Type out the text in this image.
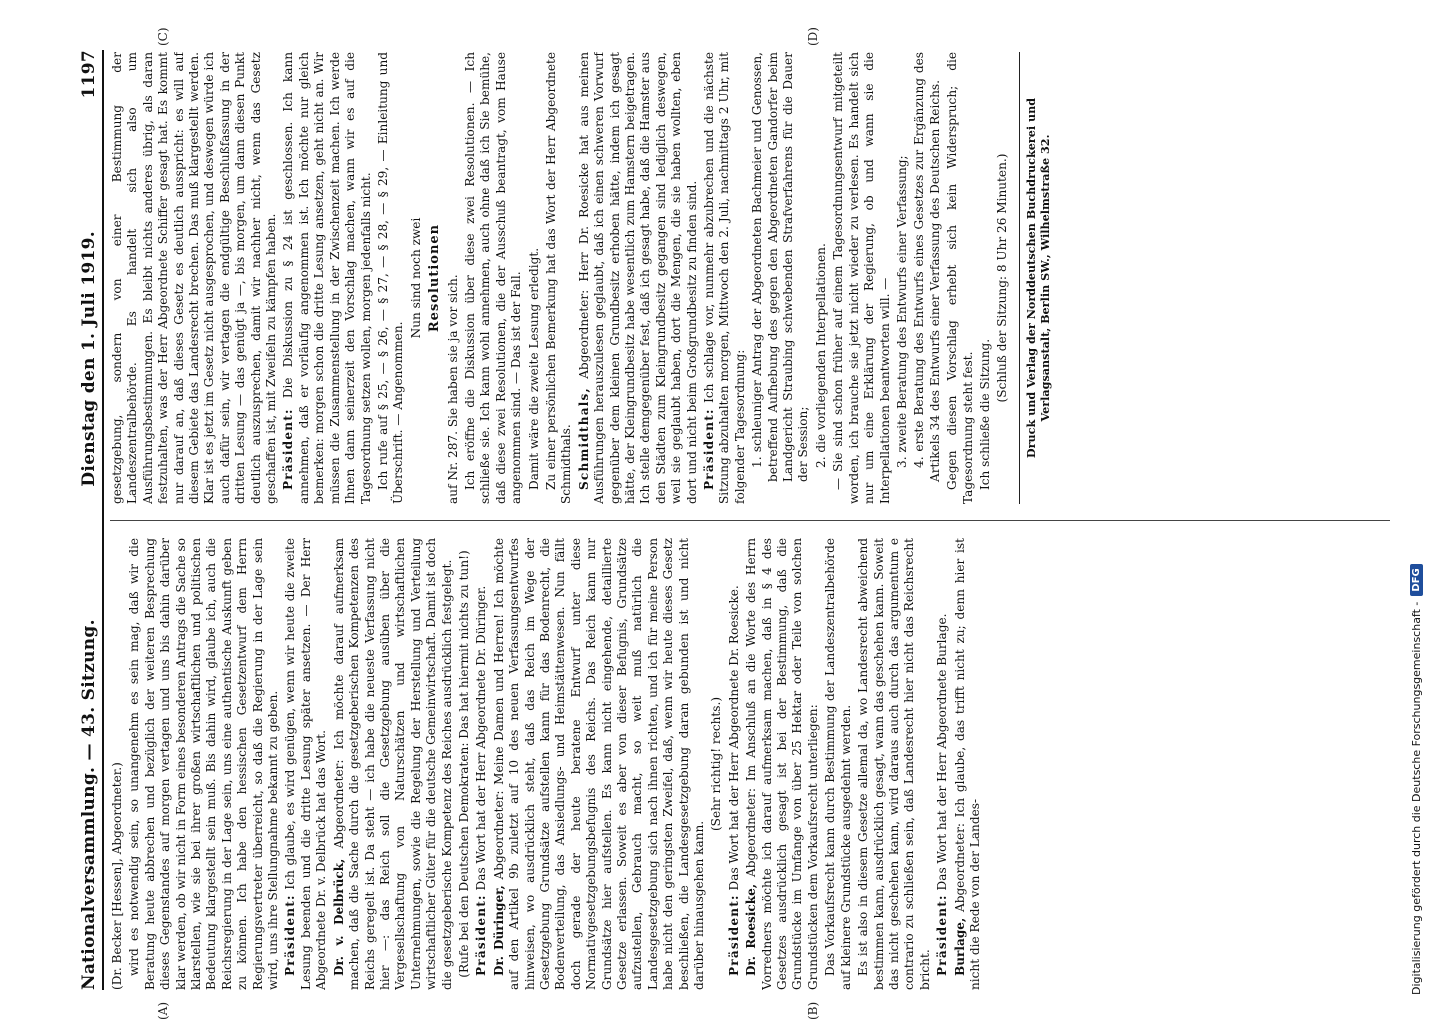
Nationalversammlung. — 43. Sitzung.
Dienstag den 1. Juli 1919.
1197
(A)	(B)
(C)	(D)

(Dr. Becker [Hessen], Abgeordneter.) wird es notwendig sein, so unangenehm es sein mag, daß wir die Beratung heute abbrechen und bezüglich der weiteren Besprechung dieses Gegenstandes auf morgen vertagen und uns bis dahin darüber klar werden, ob wir nicht in Form eines besonderen Antrags die Sache so klarstellen, wie sie bei ihrer großen wirtschaftlichen und politischen Bedeutung klargestellt sein muß. Bis dahin wird, glaube ich, auch die Reichsregierung in der Lage sein, uns eine authentische Auskunft geben zu können. Ich habe den hessischen Gesetzentwurf dem Herrn Regierungsvertreter überreicht, so daß die Regierung in der Lage sein wird, uns ihre Stellungnahme bekannt zu geben. Präsident: Ich glaube, es wird genügen, wenn wir heute die zweite Lesung beenden und die dritte Lesung später ansetzen. — Der Herr Abgeordnete Dr. v. Delbrück hat das Wort. Dr. v. Delbrück, Abgeordneter: Ich möchte darauf aufmerksam machen, daß die Sache durch die gesetzgeberischen Kompetenzen des Reichs geregelt ist. Da steht — ich habe die neueste Verfassung nicht hier —: das Reich soll die Gesetzgebung ausüben über die Vergesellschaftung von Naturschätzen und wirtschaftlichen Unternehmungen, sowie die Regelung der Herstellung und Verteilung wirtschaftlicher Güter für die deutsche Gemeinwirtschaft. Damit ist doch die gesetzgeberische Kompetenz des Reiches ausdrücklich festgelegt. (Rufe bei den Deutschen Demokraten: Das hat hiermit nichts zu tun!) Präsident: Das Wort hat der Herr Abgeordnete Dr. Düringer.

Dr. Düringer, Abgeordneter: Meine Damen und Herren! Ich möchte auf den Artikel 9b zuletzt auf 10 des neuen Verfassungsentwurfes hinweisen, wo ausdrücklich steht, daß das Reich im Wege der Gesetzgebung Grundsätze aufstellen kann für das Bodenrecht, die Bodenverteilung, das Ansiedlungs- und Heimstättenwesen. Nun fällt doch gerade der heute beratene Entwurf unter diese Normativgesetzgebungsbefugnis des Reichs. Das Reich kann nur Grundsätze hier aufstellen. Es kann nicht eingehende, detaillierte Gesetze erlassen. Soweit es aber von dieser Befugnis, Grundsätze aufzustellen, Gebrauch macht, so weit muß natürlich die Landesgesetzgebung sich nach ihnen richten, und ich für meine Person habe nicht den geringsten Zweifel, daß, wenn wir heute dieses Gesetz beschließen, die Landesgesetzgebung daran gebunden ist und nicht darüber hinausgehen kann.

(Sehr richtig! rechts.)

Präsident: Das Wort hat der Herr Abgeordnete Dr. Roesicke.

Dr. Roesicke, Abgeordneter: Im Anschluß an die Worte des Herrn Vorredners möchte ich darauf aufmerksam machen, daß in § 4 des Gesetzes ausdrücklich gesagt ist bei der Bestimmung, daß die Grundstücke im Umfange von über 25 Hektar oder Teile von solchen Grundstücken dem Vorkaufsrecht unterliegen: Das Vorkaufsrecht kann durch Bestimmung der Landeszentralbehörde auf kleinere Grundstücke ausgedehnt werden. Es ist also in diesem Gesetze allemal da, wo Landesrecht abweichend bestimmen kann, ausdrücklich gesagt, wann das geschehen kann. Soweit das nicht geschehen kann, wird daraus auch durch das argumentum e contrario zu schließen sein, daß Landesrecht hier nicht das Reichsrecht bricht. Präsident: Das Wort hat der Herr Abgeordnete Burlage.

Burlage, Abgeordneter: Ich glaube, das trifft nicht zu; denn hier ist nicht die Rede von der Landes-

gesetzgebung, sondern von einer Bestimmung der Landeszentralbehörde. Es handelt sich also um Ausführungsbestimmungen. Es bleibt nichts anderes übrig, als daran festzuhalten, was der Herr Abgeordnete Schiffer gesagt hat. Es kommt nur darauf an, daß dieses Gesetz es deutlich ausspricht: es will auf diesem Gebiete das Landesrecht brechen. Das muß klargestellt werden. Klar ist es jetzt im Gesetz nicht ausgesprochen, und deswegen würde ich auch dafür sein, wir vertagen die endgültige Beschlußfassung in der dritten Lesung — das genügt ja —, bis morgen, um dann diesen Punkt deutlich auszusprechen, damit wir nachher nicht, wenn das Gesetz geschaffen ist, mit Zweifeln zu kämpfen haben. Präsident: Die Diskussion zu § 24 ist geschlossen. Ich kann annehmen, daß er vorläufig angenommen ist. Ich möchte nur gleich bemerken: morgen schon die dritte Lesung ansetzen, geht nicht an. Wir müssen die Zusammenstellung in der Zwischenzeit machen. Ich werde Ihnen dann seinerzeit den Vorschlag machen, wann wir es auf die Tagesordnung setzen wollen, morgen jedenfalls nicht. Ich rufe auf § 25, — § 26, — § 27, — § 28, — § 29, — Einleitung und Überschrift. — Angenommen.

Nun sind noch zwei Resolutionen auf Nr. 287. Sie haben sie ja vor sich. Ich eröffne die Diskussion über diese zwei Resolutionen. — Ich schließe sie. Ich kann wohl annehmen, auch ohne daß ich Sie bemühe, daß diese zwei Resolutionen, die der Ausschuß beantragt, vom Hause angenommen sind. — Das ist der Fall. Damit wäre die zweite Lesung erledigt. Zu einer persönlichen Bemerkung hat das Wort der Herr Abgeordnete Schmidthals. Schmidthals, Abgeordneter: Herr Dr. Roesicke hat aus meinen Ausführungen herauszulesen geglaubt, daß ich einen schweren Vorwurf gegenüber dem kleinen Grundbesitz erhoben hätte, indem ich gesagt hätte, der Kleingrundbesitz habe wesentlich zum Hamstern beigetragen. Ich stelle demgegenüber fest, daß ich gesagt habe, daß die Hamster aus den Städten zum Kleingrundbesitz gegangen sind lediglich deswegen, weil sie geglaubt haben, dort die Mengen, die sie haben wollten, eben dort und nicht beim Großgrundbesitz zu finden sind. Präsident: Ich schlage vor, nunmehr abzubrechen und die nächste Sitzung abzuhalten morgen, Mittwoch den 2. Juli, nachmittags 2 Uhr, mit folgender Tagesordnung: 1. schleuniger Antrag der Abgeordneten Bachmeier und Genossen, betreffend Aufhebung des gegen den Abgeordneten Gandorfer beim Landgericht Straubing schwebenden Strafverfahrens für die Dauer der Session; 2. die vorliegenden Interpellationen. — Sie sind schon früher auf einem Tagesordnungsentwurf mitgeteilt worden, ich brauche sie jetzt nicht wieder zu verlesen. Es handelt sich nur um eine Erklärung der Regierung, ob und wann sie die Interpellationen beantworten will. — 3. zweite Beratung des Entwurfs einer Verfassung; 4. erste Beratung des Entwurfs eines Gesetzes zur Ergänzung des Artikels 34 des Entwurfs einer Verfassung des Deutschen Reichs. Gegen diesen Vorschlag erhebt sich kein Widerspruch; die Tagesordnung steht fest. Ich schließe die Sitzung.

(Schluß der Sitzung: 8 Uhr 26 Minuten.) Druck und Verlag der Norddeutschen Buchdruckerei und Verlagsanstalt, Berlin SW., Wilhelmstraße 32.
Digitalisierung gefördert durch die Deutsche Forschungsgemeinschaft -
DFG
